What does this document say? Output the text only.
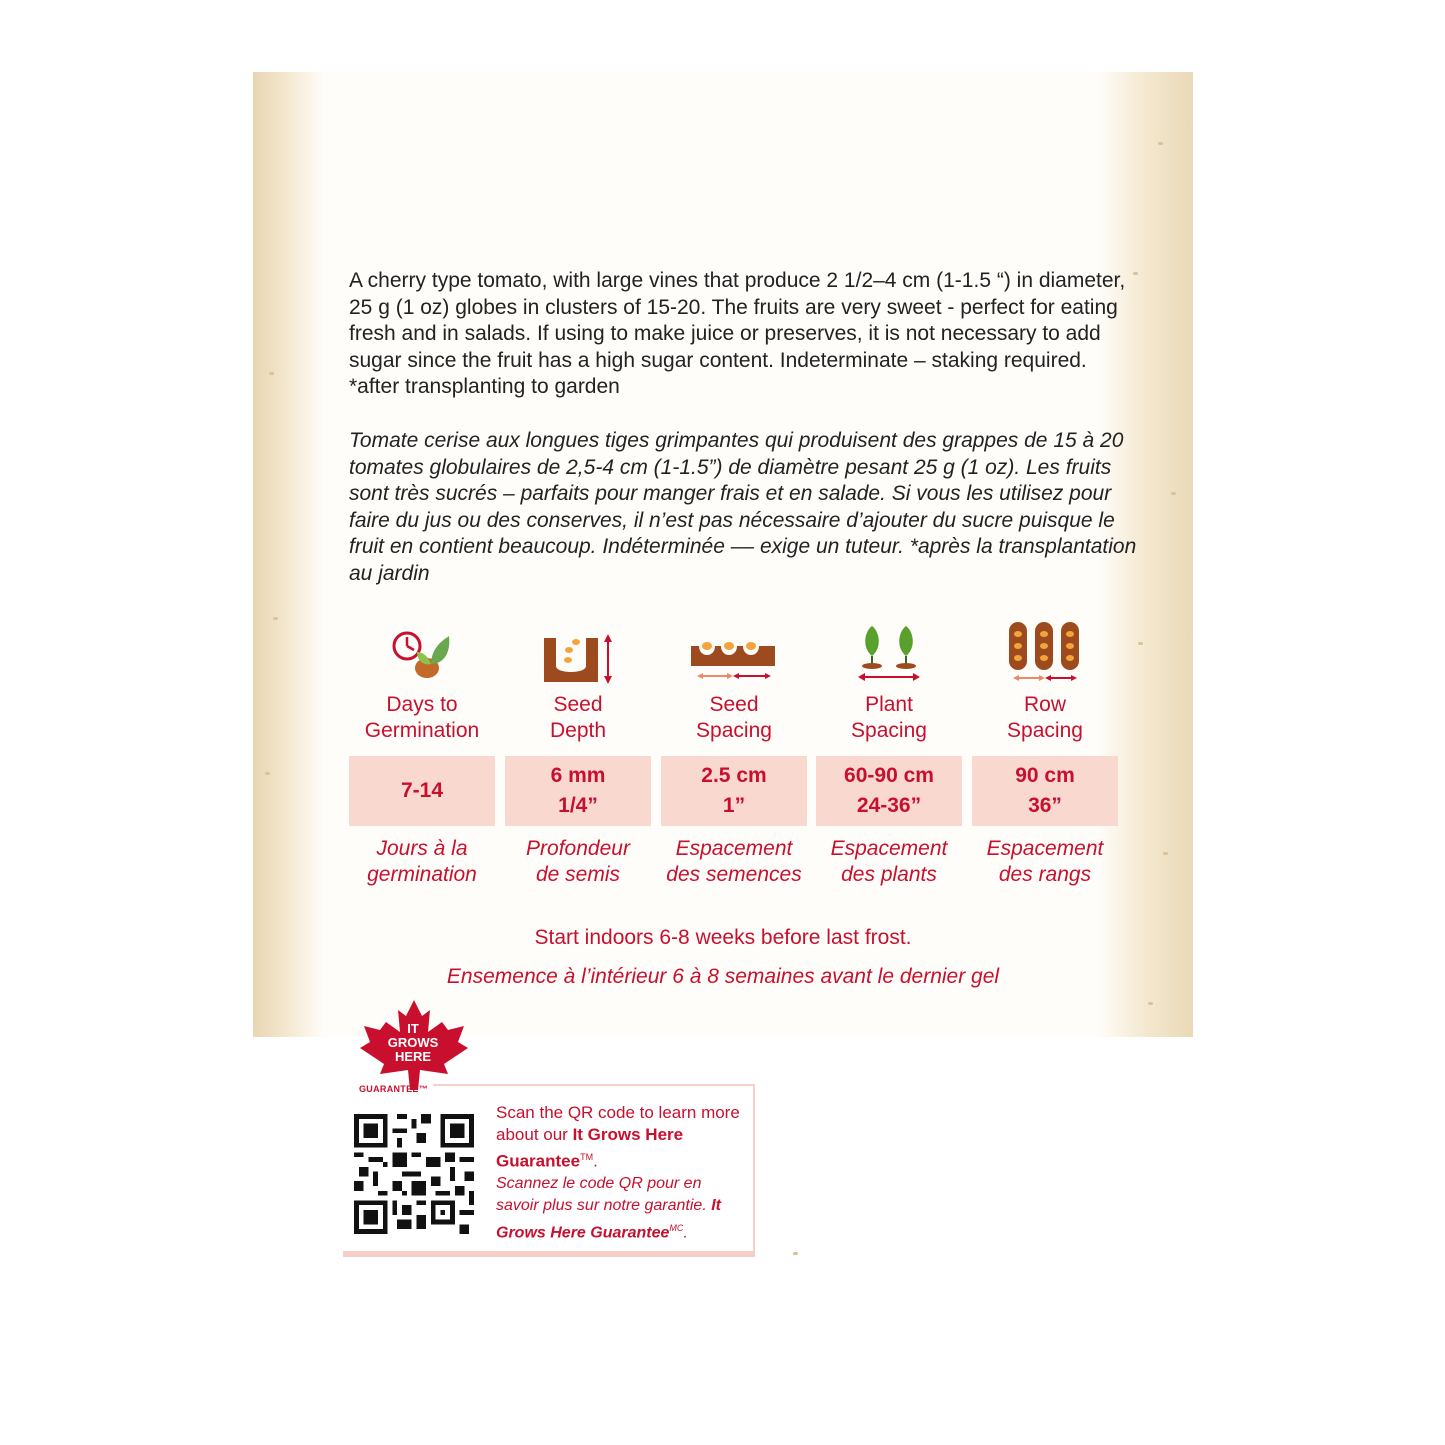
A cherry type tomato, with large vines that produce 2 1/2–4 cm (1-1.5 “) in diameter, 25 g (1 oz) globes in clusters of 15-20. The fruits are very sweet - perfect for eating fresh and in salads. If using to make juice or preserves, it is not necessary to add sugar since the fruit has a high sugar content. Indeterminate – staking required. *after transplanting to garden

Tomate cerise aux longues tiges grimpantes qui produisent des grappes de 15 à 20 tomates globulaires de 2,5-4 cm (1-1.5”) de diamètre pesant 25 g (1 oz). Les fruits sont très sucrés – parfaits pour manger frais et en salade. Si vous les utilisez pour faire du jus ou des conserves, il n’est pas nécessaire d’ajouter du sucre puisque le fruit en contient beaucoup. Indéterminée –– exige un tuteur. *après la transplantation au jardin

Days to
Germination
7-14
Jours à la
germination
Seed
Depth
6 mm
1/4”
Profondeur
de semis
Seed
Spacing
2.5 cm
1”
Espacement
des semences
Plant
Spacing
60-90 cm
24-36”
Espacement
des plants
Row
Spacing
90 cm
36”
Espacement
des rangs
Start indoors 6-8 weeks before last frost.
Ensemence à l’intérieur 6 à 8 semaines avant le dernier gel
IT
GROWS
HERE
GUARANTEE™
Scan the QR code to learn more about our It Grows Here Guarantee™.
Scannez le code QR pour en savoir plus sur notre garantie. It Grows Here Guarantee$^{MC}$.
